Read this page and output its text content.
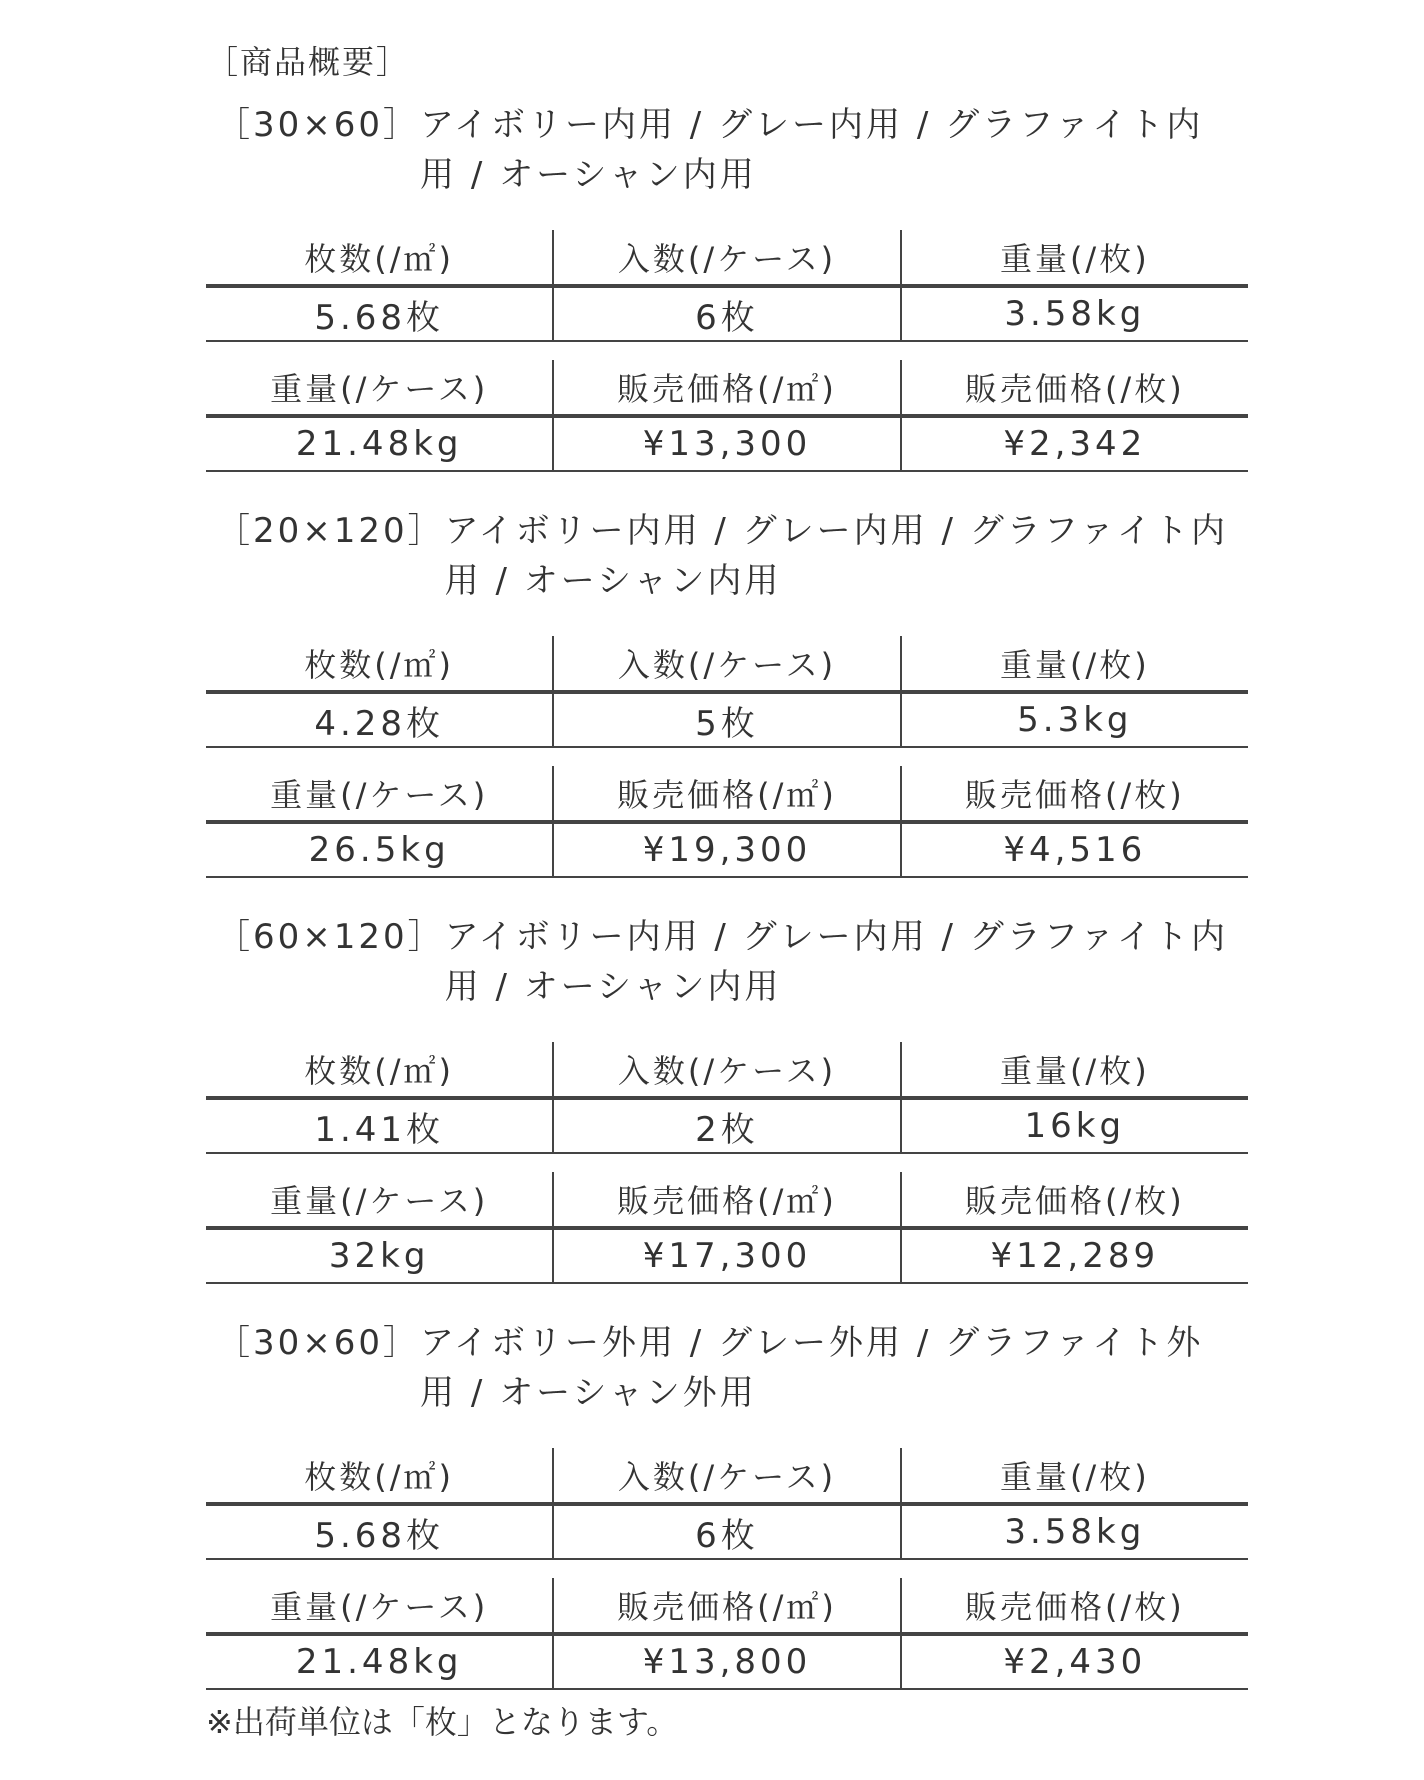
［商品概要］
［30×60］ アイボリー内用 / グレー内用 / グラファイト内用 / オーシャン内用
枚数(/㎡)	入数(/ケース)	重量(/枚)
5.68枚	6枚	3.58kg

重量(/ケース)	販売価格(/㎡)	販売価格(/枚)
21.48kg	¥13,300	¥2,342
［20×120］ アイボリー内用 / グレー内用 / グラファイト内用 / オーシャン内用
枚数(/㎡)	入数(/ケース)	重量(/枚)
4.28枚	5枚	5.3kg

重量(/ケース)	販売価格(/㎡)	販売価格(/枚)
26.5kg	¥19,300	¥4,516
［60×120］ アイボリー内用 / グレー内用 / グラファイト内用 / オーシャン内用
枚数(/㎡)	入数(/ケース)	重量(/枚)
1.41枚	2枚	16kg

重量(/ケース)	販売価格(/㎡)	販売価格(/枚)
32kg	¥17,300	¥12,289
［30×60］ アイボリー外用 / グレー外用 / グラファイト外用 / オーシャン外用
枚数(/㎡)	入数(/ケース)	重量(/枚)
5.68枚	6枚	3.58kg

重量(/ケース)	販売価格(/㎡)	販売価格(/枚)
21.48kg	¥13,800	¥2,430
※出荷単位は「枚」となります。
